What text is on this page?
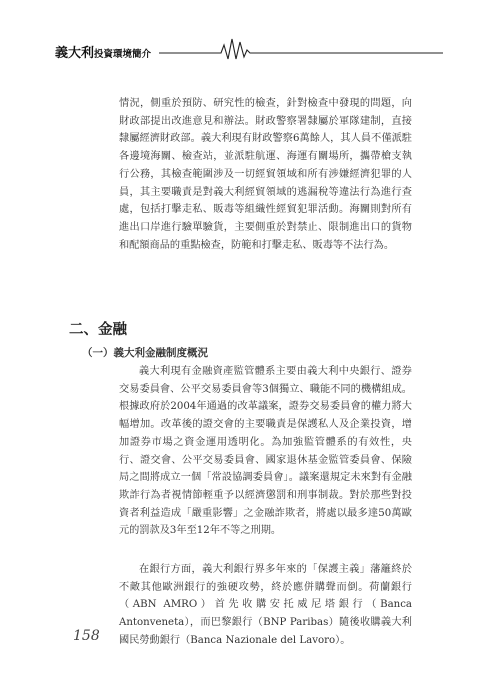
義大利投資環境簡介

情況，側重於預防、研究性的檢查，針對檢查中發現的問題，向財政部提出改進意見和辦法。財政警察署隸屬於軍隊建制，直接隸屬經濟財政部。義大利現有財政警察6萬餘人，其人員不僅派駐各邊境海關、檢查站，並派駐航運、海運有關場所，攜帶槍支執行公務，其檢查範圍涉及一切經貿領域和所有涉嫌經濟犯罪的人員，其主要職責是對義大利經貿領域的逃漏稅等違法行為進行查處，包括打擊走私、販毒等組織性經貿犯罪活動。海關則對所有進出口岸進行驗單驗貨，主要側重於對禁止、限制進出口的貨物和配額商品的重點檢查，防範和打擊走私、販毒等不法行為。

二、金融
（一）義大利金融制度概況

義大利現有金融資產監管體系主要由義大利中央銀行、證券交易委員會、公平交易委員會等3個獨立、職能不同的機構組成。根據政府於2004年通過的改革議案，證券交易委員會的權力將大幅增加。改革後的證交會的主要職責是保護私人及企業投資，增加證券市場之資金運用透明化。為加強監管體系的有效性，央行、證交會、公平交易委員會、國家退休基金監管委員會、保險局之間將成立一個「常設協調委員會」。議案還規定未來對有金融欺詐行為者視情節輕重予以經濟懲罰和刑事制裁。對於那些對投資者利益造成「嚴重影響」之金融詐欺者，將處以最多達50萬歐元的罰款及3年至12年不等之刑期。

在銀行方面，義大利銀行界多年來的「保護主義」藩籬終於不敵其他歐洲銀行的強硬攻勢，終於應併購聲而倒。荷蘭銀行（ABN AMRO）首先收購安托威尼塔銀行（Banca Antonveneta），而巴黎銀行（BNP Paribas）隨後收購義大利國民勞動銀行（Banca Nazionale del Lavoro）。

158
